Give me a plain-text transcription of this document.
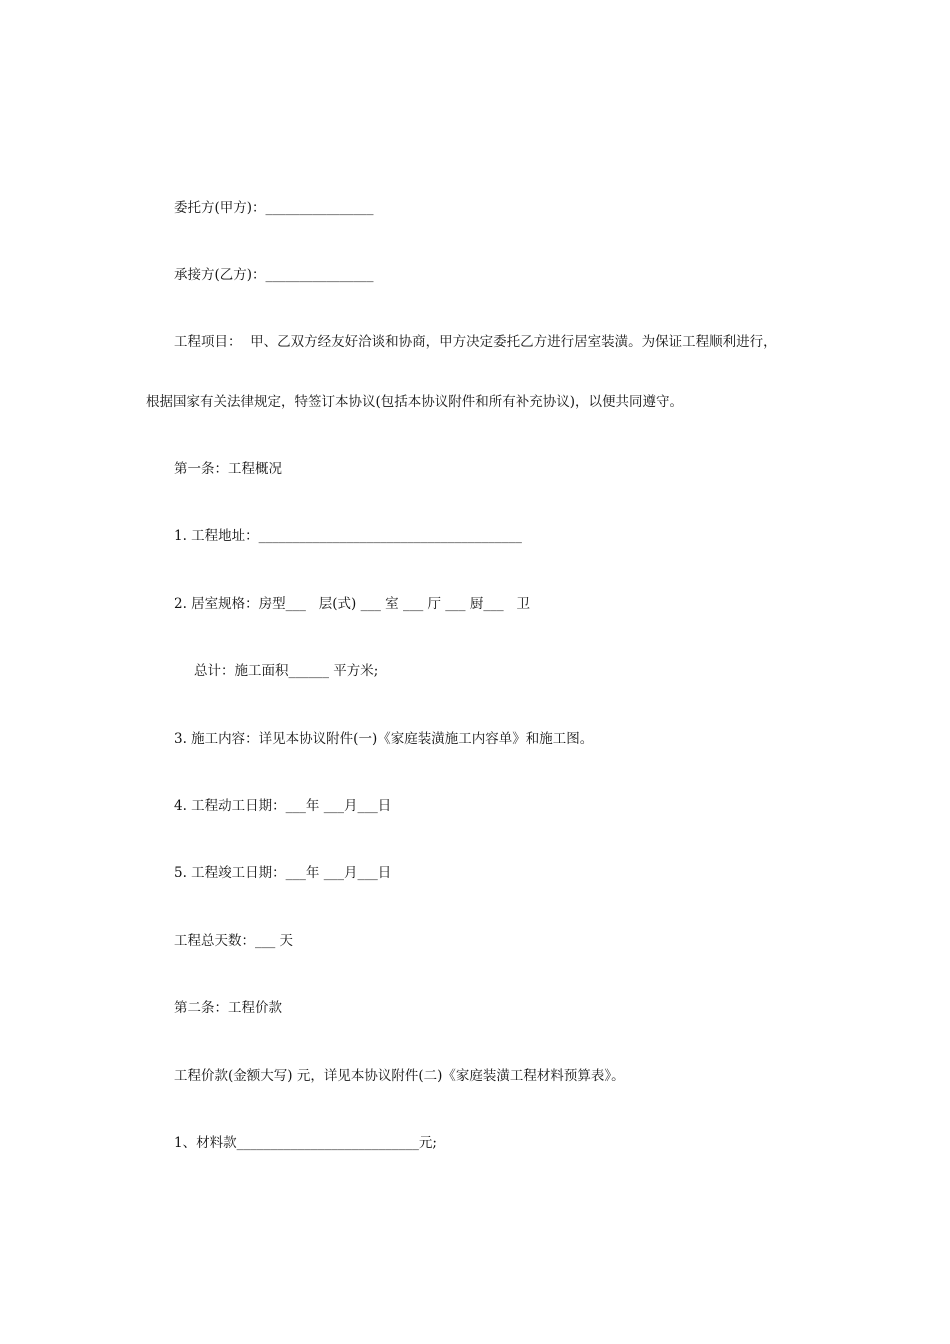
委托方(甲方)：________________
承接方(乙方)：________________
工程项目：  甲、乙双方经友好洽谈和协商，甲方决定委托乙方进行居室装潢。为保证工程顺利进行，
根据国家有关法律规定，特签订本协议(包括本协议附件和所有补充协议)，以便共同遵守。
第一条：工程概况
1. 工程地址：_______________________________________
2. 居室规格：房型___   层(式) ___ 室 ___ 厅 ___ 厨___   卫
总计：施工面积______ 平方米;
3. 施工内容：详见本协议附件(一)《家庭装潢施工内容单》和施工图。
4. 工程动工日期：___年 ___月___日
5. 工程竣工日期：___年 ___月___日
工程总天数：___ 天
第二条：工程价款
工程价款(金额大写) 元，详见本协议附件(二)《家庭装潢工程材料预算表》。
1、材料款___________________________元;
